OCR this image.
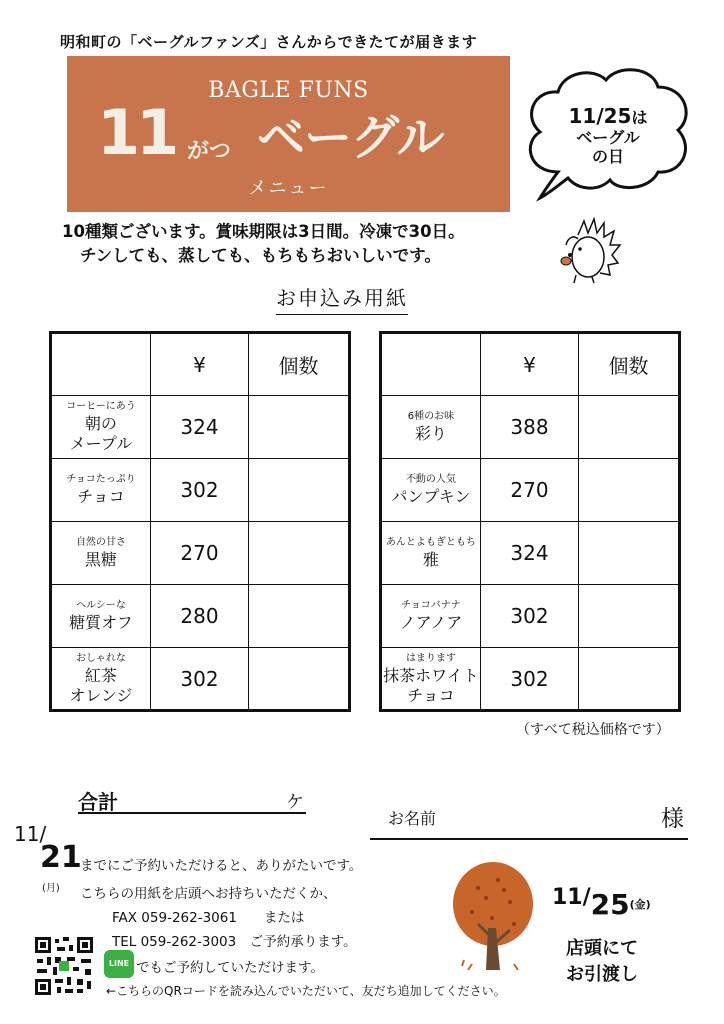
明和町の「ベーグルファンズ」さんからできたてが届きます
BAGLE FUNS
11 がつ ベーグル
メニュー
11/25は
ベーグル
の日
10種類ございます。賞味期限は3日間。冷凍で30日。
チンしても、蒸しても、もちもちおいしいです。
お申込み用紙
	¥	個数

コーヒーにあう
朝の
メープル	324	

チョコたっぷり
チョコ	302	

自然の甘さ
黒糖	270	

ヘルシーな
糖質オフ	280	

おしゃれな
紅茶
オレンジ	302	
	¥	個数

6種のお味
彩り	388	

不動の人気
パンプキン	270	

あんとよもぎともち
雅	324	

チョコバナナ
ノアノア	302	

はまります
抹茶ホワイト
チョコ	302	
（すべて税込価格です）
合計	ケ
お名前	様
11/
21
(月)
までにご予約いただけると、ありがたいです。
こちらの用紙を店頭へお持ちいただくか、
FAX 059-262-3061　　または
TEL 059-262-3003　ご予約承ります。
LINE でもご予約していただけます。
←こちらのQRコードを読み込んでいただいて、友だち追加してください。
$11/25_{(金)}$
店頭にて
お引渡し
